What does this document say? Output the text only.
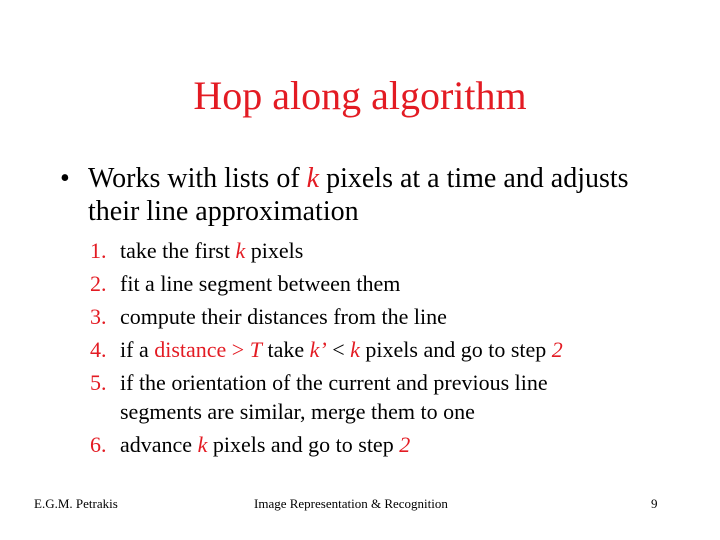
Hop along algorithm
• Works with lists of k pixels at a time and adjusts
their line approximation
1. take the first k pixels
2. fit a line segment between them
3. compute their distances from the line
4. if a distance > T take k’ < k pixels and go to step 2
5. if the orientation of the current and previous line
segments are similar, merge them to one
6. advance k pixels and go to step 2
E.G.M. Petrakis	Image Representation & Recognition	9
